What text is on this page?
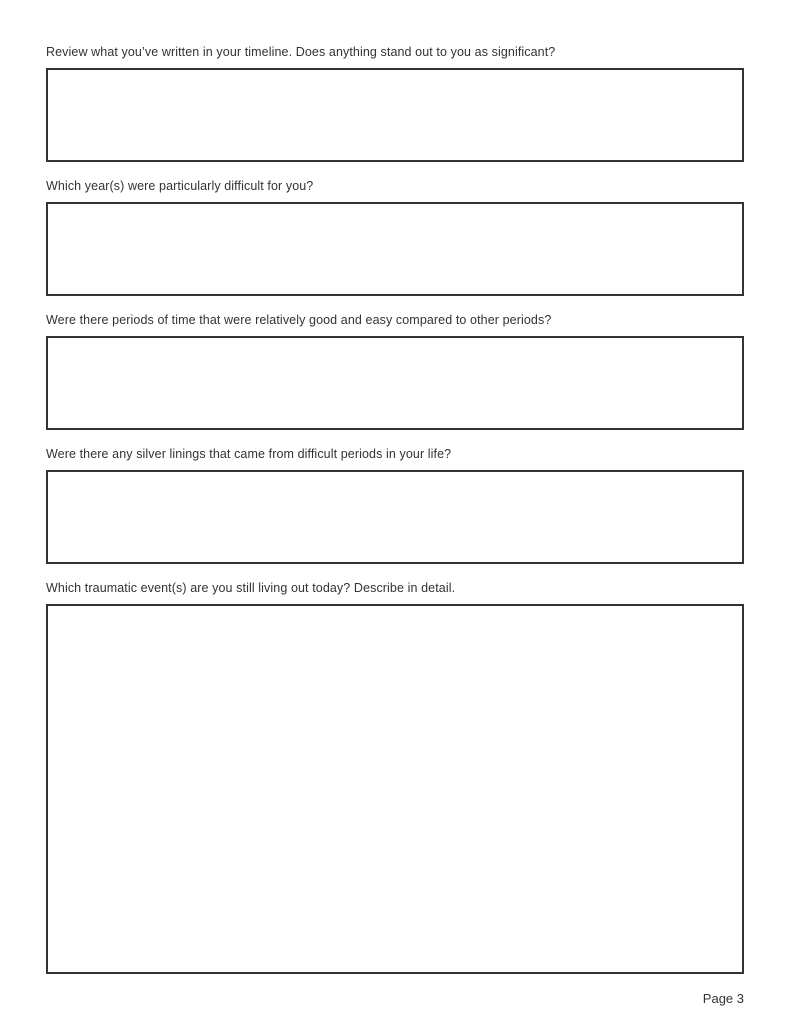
Review what you’ve written in your timeline. Does anything stand out to you as significant?
Which year(s) were particularly difficult for you?
Were there periods of time that were relatively good and easy compared to other periods?
Were there any silver linings that came from difficult periods in your life?
Which traumatic event(s) are you still living out today? Describe in detail.
Page 3
